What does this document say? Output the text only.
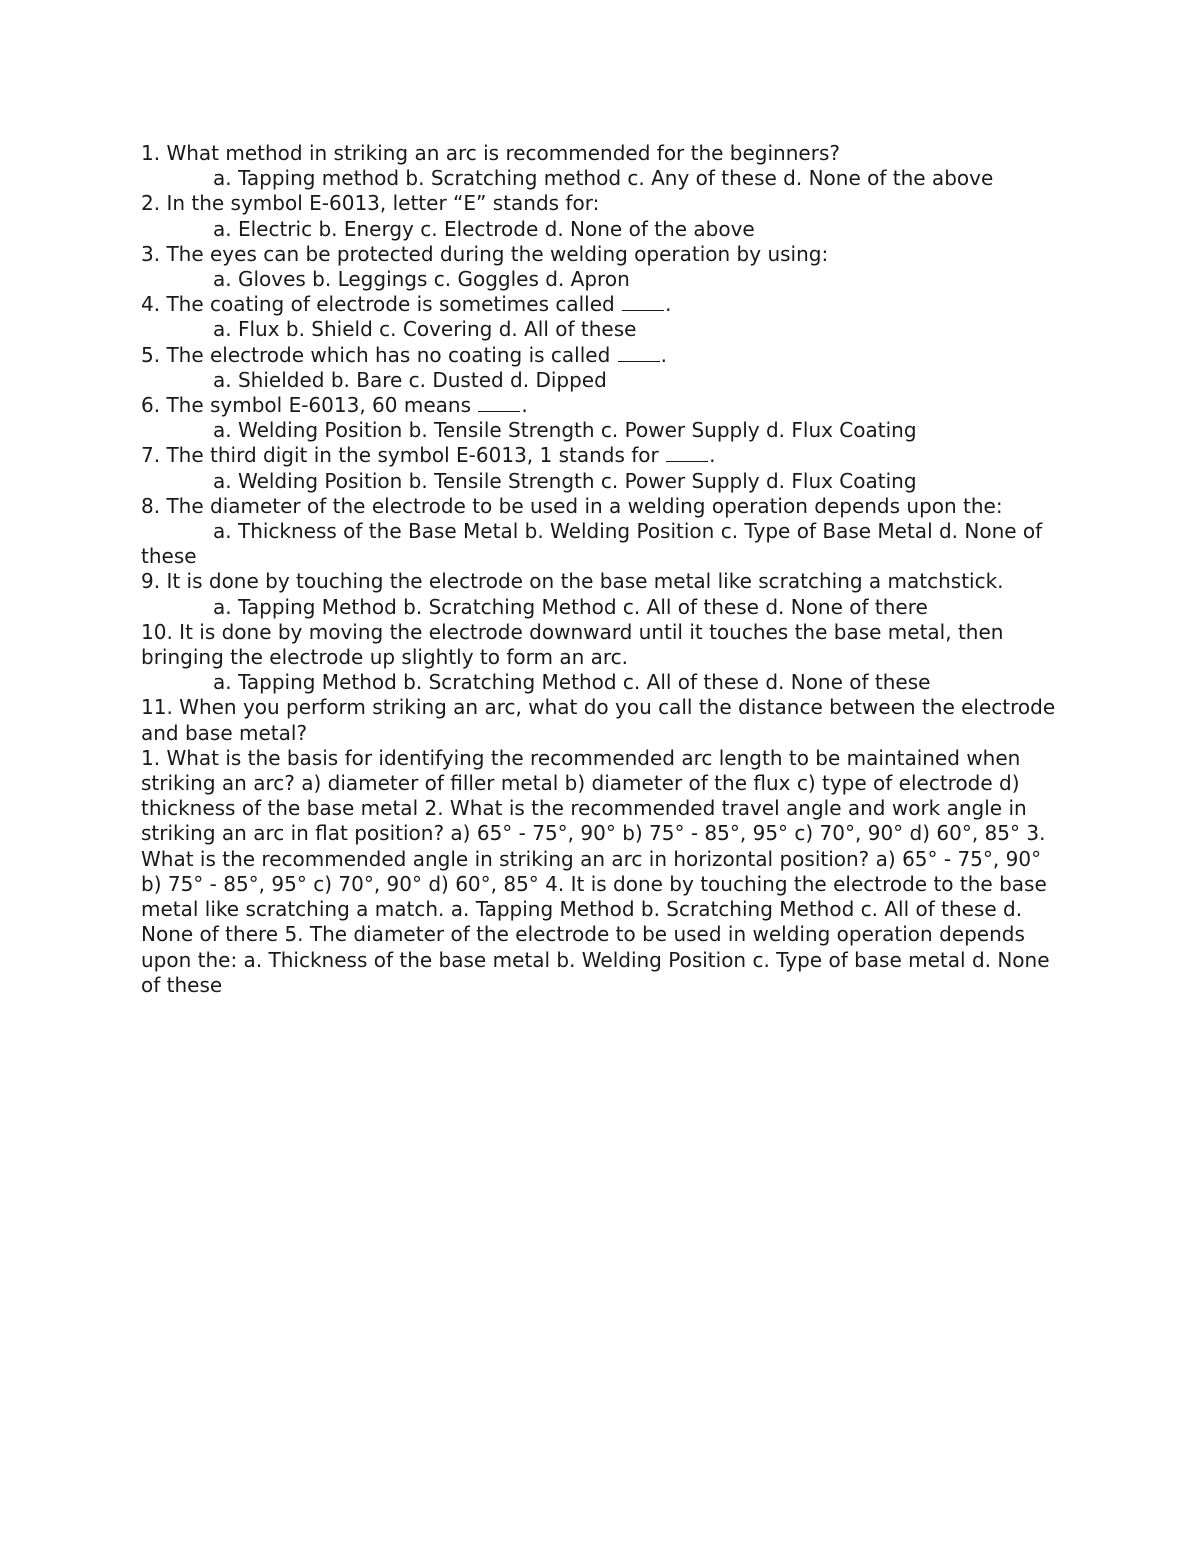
1. What method in striking an arc is recommended for the beginners?

a. Tapping method b. Scratching method c. Any of these d. None of the above

2. In the symbol E-6013, letter “E” stands for:

a. Electric b. Energy c. Electrode d. None of the above

3. The eyes can be protected during the welding operation by using:

a. Gloves b. Leggings c. Goggles d. Apron

4. The coating of electrode is sometimes called .

a. Flux b. Shield c. Covering d. All of these

5. The electrode which has no coating is called .

a. Shielded b. Bare c. Dusted d. Dipped

6. The symbol E-6013, 60 means .

a. Welding Position b. Tensile Strength c. Power Supply d. Flux Coating

7. The third digit in the symbol E-6013, 1 stands for .

a. Welding Position b. Tensile Strength c. Power Supply d. Flux Coating

8. The diameter of the electrode to be used in a welding operation depends upon the:

a. Thickness of the Base Metal b. Welding Position c. Type of Base Metal d. None of these

9. It is done by touching the electrode on the base metal like scratching a matchstick.

a. Tapping Method b. Scratching Method c. All of these d. None of there

10. It is done by moving the electrode downward until it touches the base metal, then bringing the electrode up slightly to form an arc.

a. Tapping Method b. Scratching Method c. All of these d. None of these

11. When you perform striking an arc, what do you call the distance between the electrode and base metal?

1. What is the basis for identifying the recommended arc length to be maintained when striking an arc? a) diameter of filler metal b) diameter of the flux c) type of electrode d) thickness of the base metal 2. What is the recommended travel angle and work angle in striking an arc in flat position? a) 65° - 75°, 90° b) 75° - 85°, 95° c) 70°, 90° d) 60°, 85° 3. What is the recommended angle in striking an arc in horizontal position? a) 65° - 75°, 90° b) 75° - 85°, 95° c) 70°, 90° d) 60°, 85° 4. It is done by touching the electrode to the base metal like scratching a match. a. Tapping Method b. Scratching Method c. All of these d. None of there 5. The diameter of the electrode to be used in welding operation depends upon the: a. Thickness of the base metal b. Welding Position c. Type of base metal d. None of these
